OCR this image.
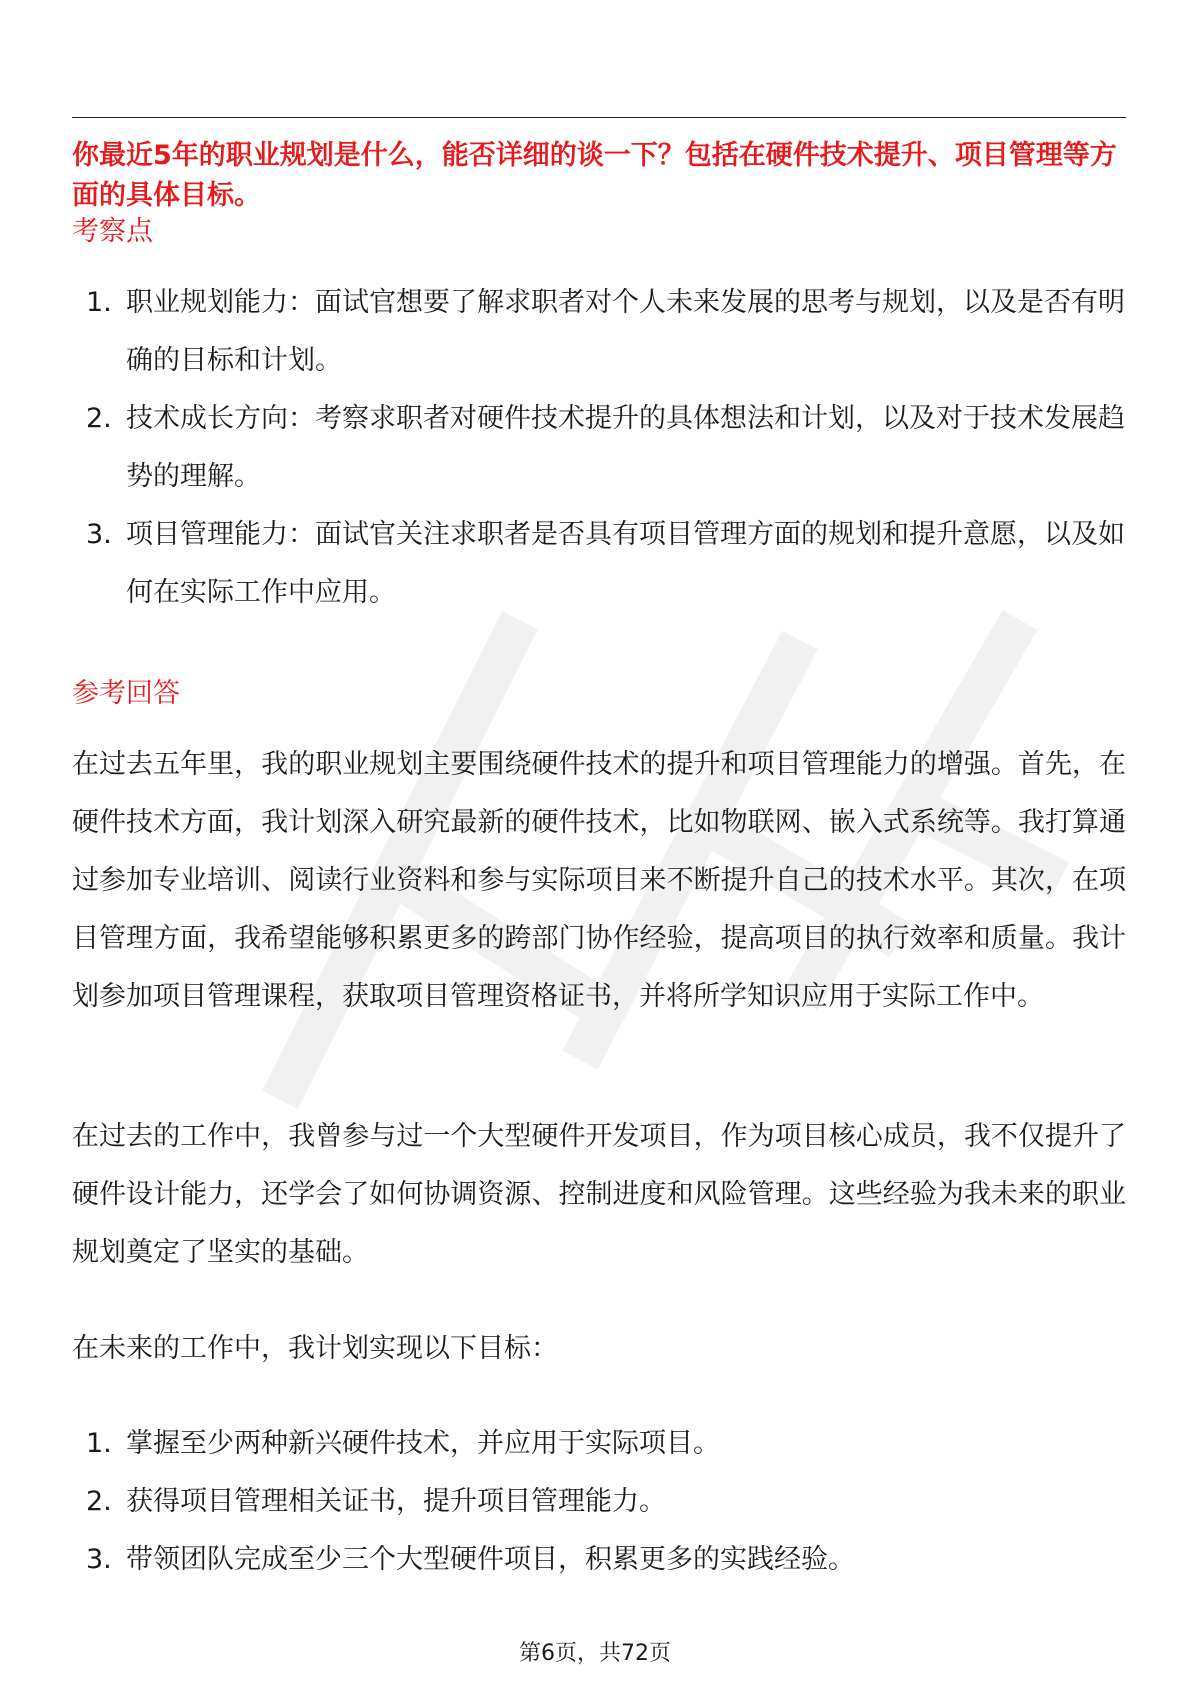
你最近5年的职业规划是什么，能否详细的谈一下？包括在硬件技术提升、项目管理等方面的具体目标。
考察点
1. 职业规划能力：面试官想要了解求职者对个人未来发展的思考与规划，以及是否有明确的目标和计划。
2. 技术成长方向：考察求职者对硬件技术提升的具体想法和计划，以及对于技术发展趋势的理解。
3. 项目管理能力：面试官关注求职者是否具有项目管理方面的规划和提升意愿，以及如何在实际工作中应用。
参考回答

在过去五年里，我的职业规划主要围绕硬件技术的提升和项目管理能力的增强。首先，在硬件技术方面，我计划深入研究最新的硬件技术，比如物联网、嵌入式系统等。我打算通过参加专业培训、阅读行业资料和参与实际项目来不断提升自己的技术水平。其次，在项目管理方面，我希望能够积累更多的跨部门协作经验，提高项目的执行效率和质量。我计划参加项目管理课程，获取项目管理资格证书，并将所学知识应用于实际工作中。

在过去的工作中，我曾参与过一个大型硬件开发项目，作为项目核心成员，我不仅提升了硬件设计能力，还学会了如何协调资源、控制进度和风险管理。这些经验为我未来的职业规划奠定了坚实的基础。

在未来的工作中，我计划实现以下目标：

1. 掌握至少两种新兴硬件技术，并应用于实际项目。
2. 获得项目管理相关证书，提升项目管理能力。
3. 带领团队完成至少三个大型硬件项目，积累更多的实践经验。
第6页，共72页
